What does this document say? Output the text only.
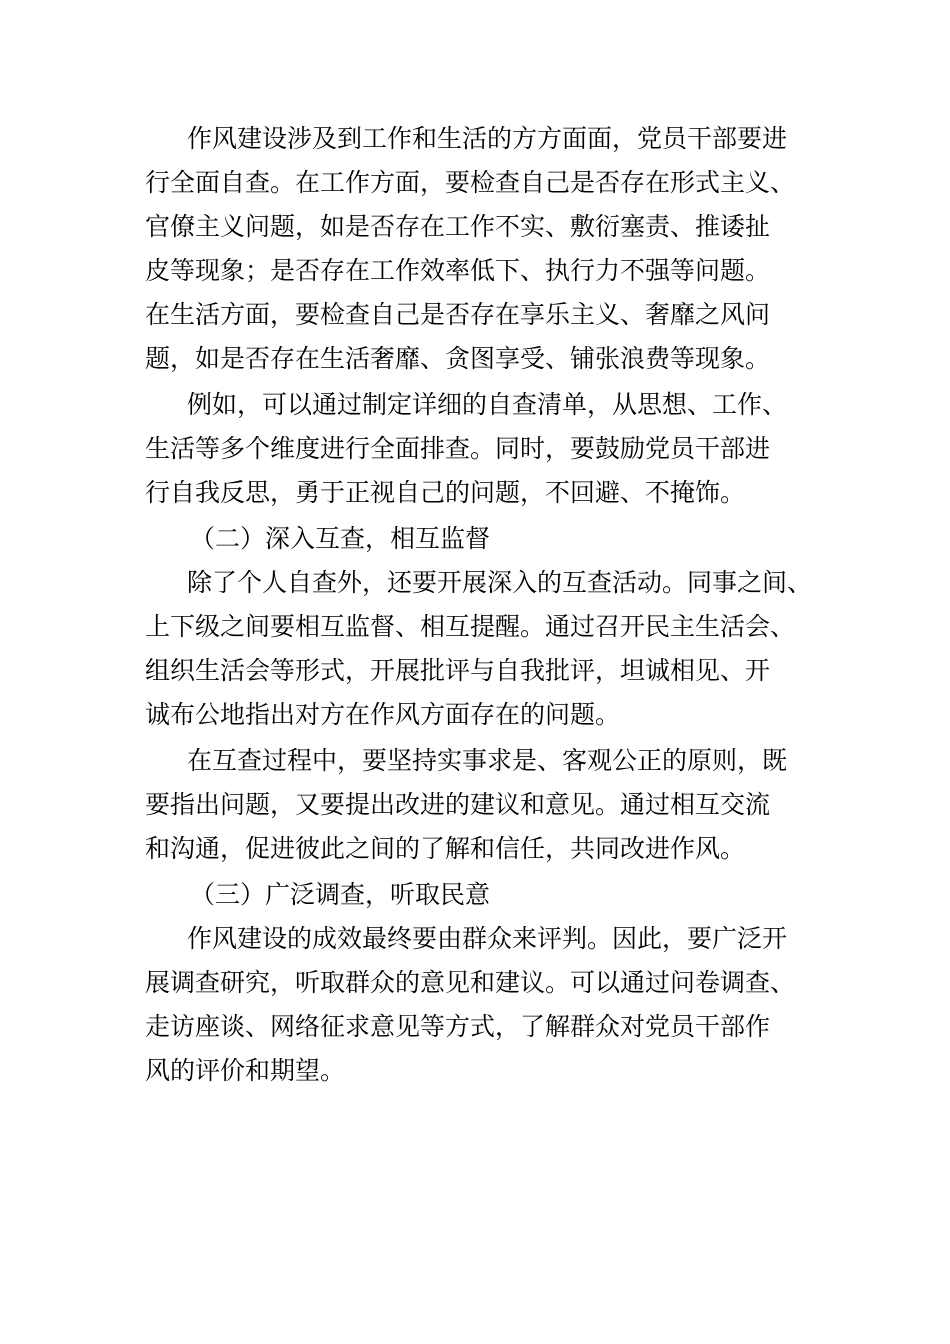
作风建设涉及到工作和生活的方方面面，党员干部要进
行全面自查。在工作方面，要检查自己是否存在形式主义、
官僚主义问题，如是否存在工作不实、敷衍塞责、推诿扯
皮等现象；是否存在工作效率低下、执行力不强等问题。
在生活方面，要检查自己是否存在享乐主义、奢靡之风问
题，如是否存在生活奢靡、贪图享受、铺张浪费等现象。
例如，可以通过制定详细的自查清单，从思想、工作、
生活等多个维度进行全面排查。同时，要鼓励党员干部进
行自我反思，勇于正视自己的问题，不回避、不掩饰。
（二）深入互查，相互监督
除了个人自查外，还要开展深入的互查活动。同事之间、
上下级之间要相互监督、相互提醒。通过召开民主生活会、
组织生活会等形式，开展批评与自我批评，坦诚相见、开
诚布公地指出对方在作风方面存在的问题。
在互查过程中，要坚持实事求是、客观公正的原则，既
要指出问题，又要提出改进的建议和意见。通过相互交流
和沟通，促进彼此之间的了解和信任，共同改进作风。
（三）广泛调查，听取民意
作风建设的成效最终要由群众来评判。因此，要广泛开
展调查研究，听取群众的意见和建议。可以通过问卷调查、
走访座谈、网络征求意见等方式，了解群众对党员干部作
风的评价和期望。
